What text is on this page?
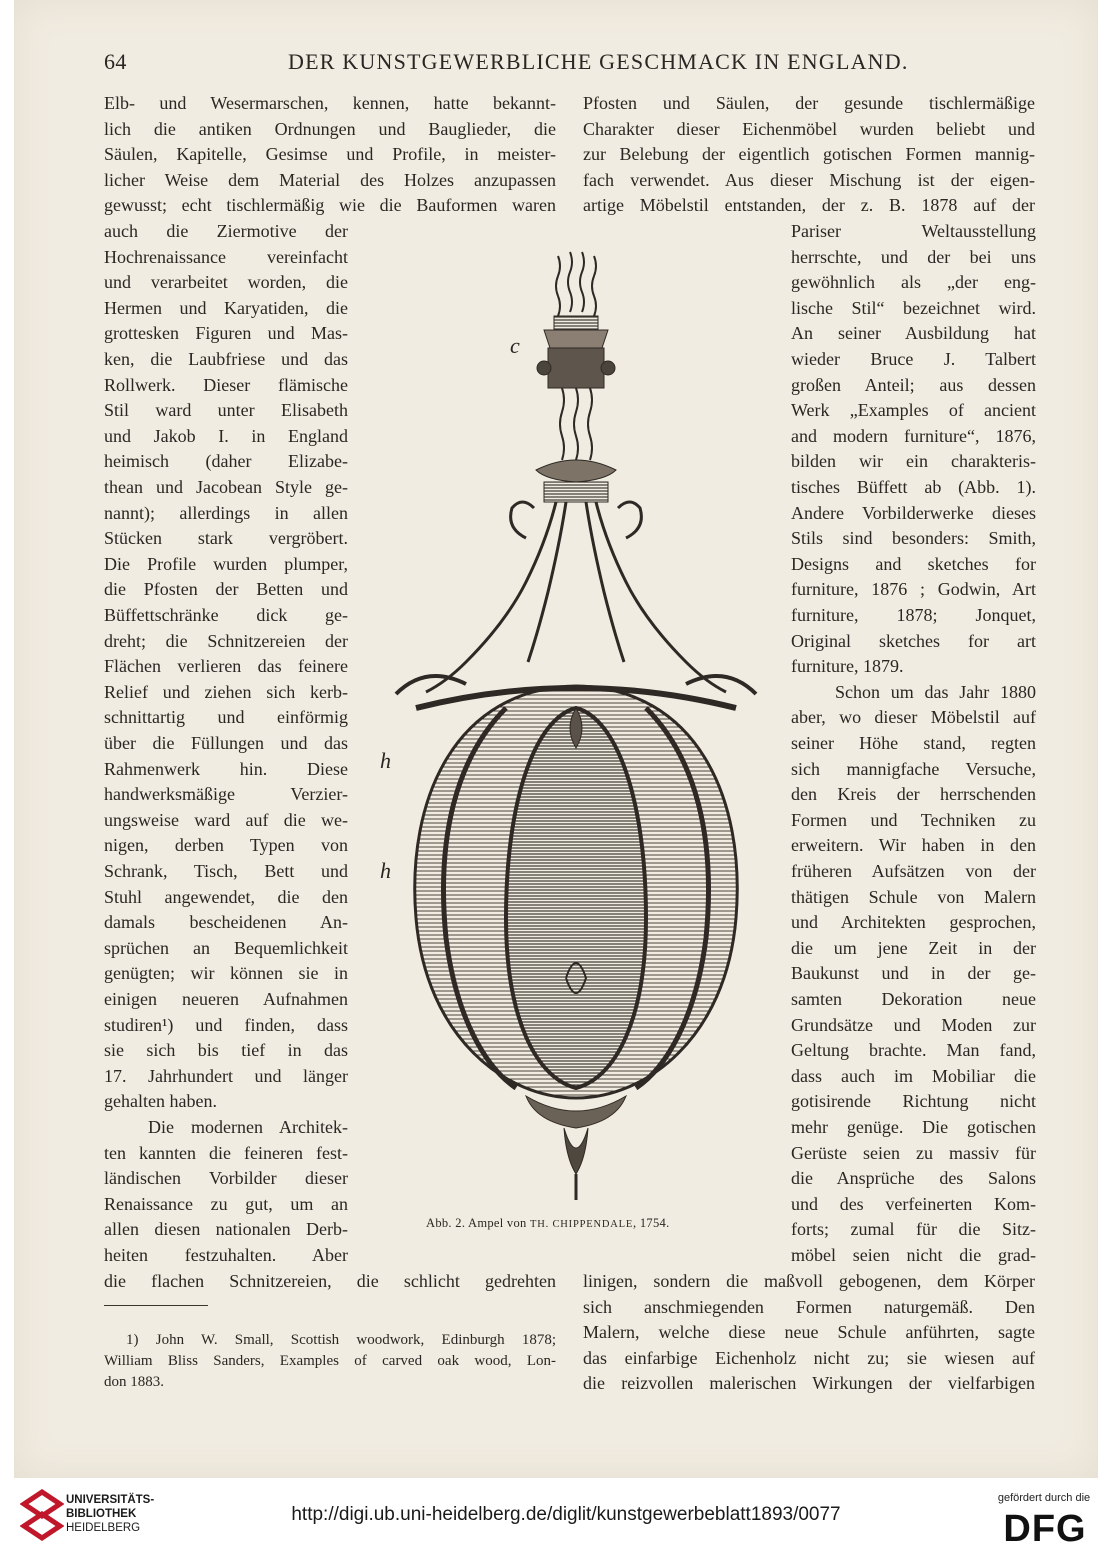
64	DER KUNSTGEWERBLICHE GESCHMACK IN ENGLAND.
Elb- und Wesermarschen, kennen, hatte bekannt-
lich die antiken Ordnungen und Bauglieder, die
Säulen, Kapitelle, Gesimse und Profile, in meister-
licher Weise dem Material des Holzes anzupassen
gewusst; echt tischlermäßig wie die Bauformen waren
auch die Ziermotive der
Hochrenaissance vereinfacht
und verarbeitet worden, die
Hermen und Karyatiden, die
grottesken Figuren und Mas-
ken, die Laubfriese und das
Rollwerk. Dieser flämische
Stil ward unter Elisabeth
und Jakob I. in England
heimisch (daher Elizabe-
thean und Jacobean Style ge-
nannt); allerdings in allen
Stücken stark vergröbert.
Die Profile wurden plumper,
die Pfosten der Betten und
Büffettschränke dick ge-
dreht; die Schnitzereien der
Flächen verlieren das feinere
Relief und ziehen sich kerb-
schnittartig und einförmig
über die Füllungen und das
Rahmenwerk hin. Diese
handwerksmäßige Verzier-
ungsweise ward auf die we-
nigen, derben Typen von
Schrank, Tisch, Bett und
Stuhl angewendet, die den
damals bescheidenen An-
sprüchen an Bequemlichkeit
genügten; wir können sie in
einigen neueren Aufnahmen
studiren¹) und finden, dass
sie sich bis tief in das
17. Jahrhundert und länger
gehalten haben.
Die modernen Architek-
ten kannten die feineren fest-
ländischen Vorbilder dieser
Renaissance zu gut, um an
allen diesen nationalen Derb-
heiten festzuhalten. Aber
die flachen Schnitzereien, die schlicht gedrehten
Pfosten und Säulen, der gesunde tischlermäßige
Charakter dieser Eichenmöbel wurden beliebt und
zur Belebung der eigentlich gotischen Formen mannig-
fach verwendet. Aus dieser Mischung ist der eigen-
artige Möbelstil entstanden, der z. B. 1878 auf der
Pariser Weltausstellung
herrschte, und der bei uns
gewöhnlich als „der eng-
lische Stil“ bezeichnet wird.
An seiner Ausbildung hat
wieder Bruce J. Talbert
großen Anteil; aus dessen
Werk „Examples of ancient
and modern furniture“, 1876,
bilden wir ein charakteris-
tisches Büffett ab (Abb. 1).
Andere Vorbilderwerke dieses
Stils sind besonders: Smith,
Designs and sketches for
furniture, 1876 ; Godwin, Art
furniture, 1878; Jonquet,
Original sketches for art
furniture, 1879.
Schon um das Jahr 1880
aber, wo dieser Möbelstil auf
seiner Höhe stand, regten
sich mannigfache Versuche,
den Kreis der herrschenden
Formen und Techniken zu
erweitern. Wir haben in den
früheren Aufsätzen von der
thätigen Schule von Malern
und Architekten gesprochen,
die um jene Zeit in der
Baukunst und in der ge-
samten Dekoration neue
Grundsätze und Moden zur
Geltung brachte. Man fand,
dass auch im Mobiliar die
gotisirende Richtung nicht
mehr genüge. Die gotischen
Gerüste seien zu massiv für
die Ansprüche des Salons
und des verfeinerten Kom-
forts; zumal für die Sitz-
möbel seien nicht die grad-
linigen, sondern die maßvoll gebogenen, dem Körper
sich anschmiegenden Formen naturgemäß. Den
Malern, welche diese neue Schule anführten, sagte
das einfarbige Eichenholz nicht zu; sie wiesen auf
die reizvollen malerischen Wirkungen der vielfarbigen
1) John W. Small, Scottish woodwork, Edinburgh 1878;
William Bliss Sanders, Examples of carved oak wood, Lon-
don 1883.
c
h
h
Abb. 2. Ampel von TH. CHIPPENDALE, 1754.
UNIVERSITÄTS-
BIBLIOTHEK
HEIDELBERG
http://digi.ub.uni-heidelberg.de/diglit/kunstgewerbeblatt1893/0077
gefördert durch die
DFG
